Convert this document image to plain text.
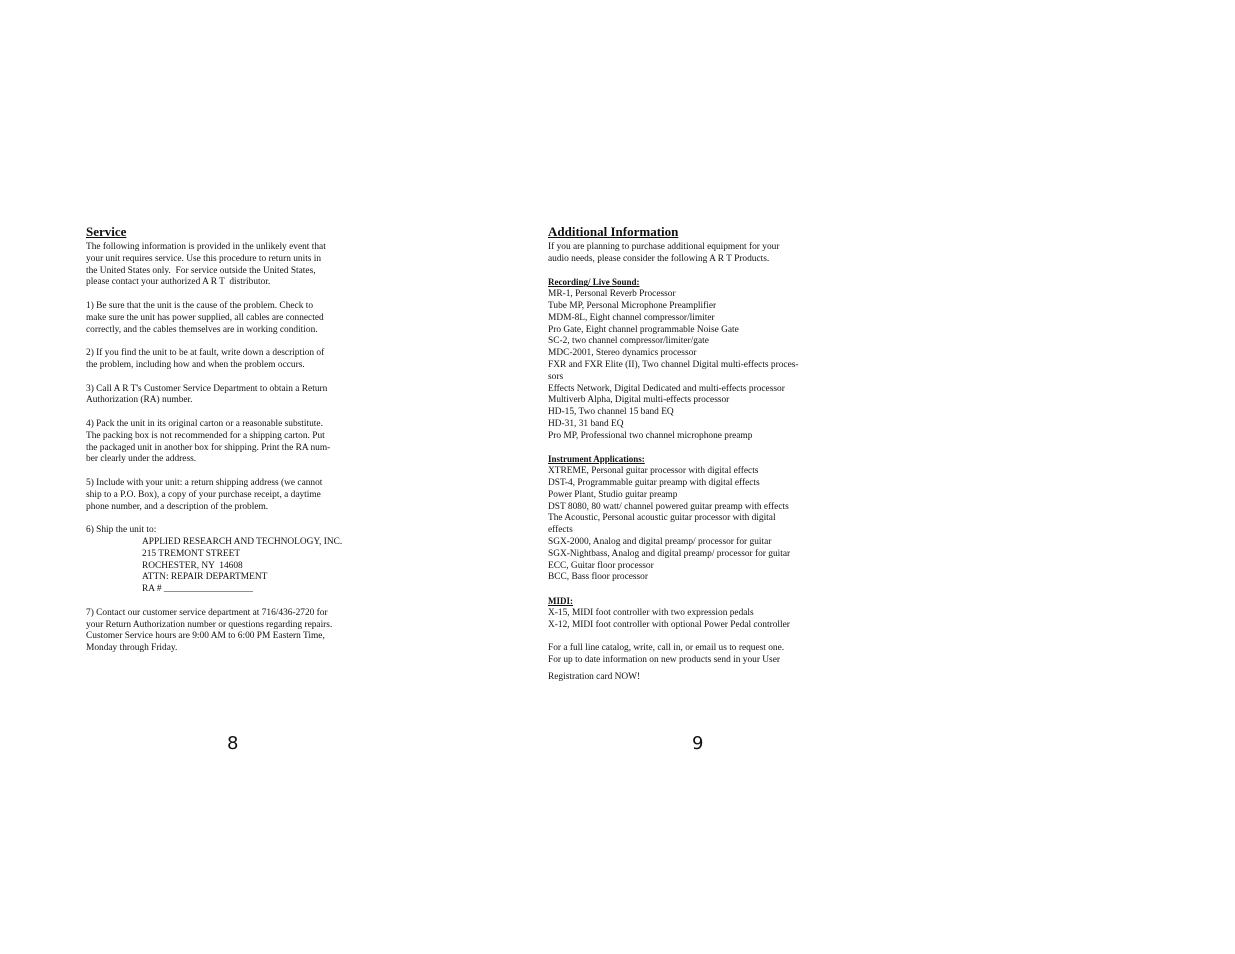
Service
The following information is provided in the unlikely event that
your unit requires service. Use this procedure to return units in
the United States only.  For service outside the United States,
please contact your authorized A R T  distributor.
1) Be sure that the unit is the cause of the problem. Check to
make sure the unit has power supplied, all cables are connected
correctly, and the cables themselves are in working condition.
2) If you find the unit to be at fault, write down a description of
the problem, including how and when the problem occurs.
3) Call A R T's Customer Service Department to obtain a Return
Authorization (RA) number.
4) Pack the unit in its original carton or a reasonable substitute.
The packing box is not recommended for a shipping carton. Put
the packaged unit in another box for shipping. Print the RA num-
ber clearly under the address.
5) Include with your unit: a return shipping address (we cannot
ship to a P.O. Box), a copy of your purchase receipt, a daytime
phone number, and a description of the problem.
6) Ship the unit to:
APPLIED RESEARCH AND TECHNOLOGY, INC.
215 TREMONT STREET
ROCHESTER, NY  14608
ATTN: REPAIR DEPARTMENT
RA # ___________________
7) Contact our customer service department at 716/436-2720 for
your Return Authorization number or questions regarding repairs.
Customer Service hours are 9:00 AM to 6:00 PM Eastern Time,
Monday through Friday.
8
Additional Information
If you are planning to purchase additional equipment for your
audio needs, please consider the following A R T Products.
Recording/ Live Sound:
MR-1, Personal Reverb Processor
Tube MP, Personal Microphone Preamplifier
MDM-8L, Eight channel compressor/limiter
Pro Gate, Eight channel programmable Noise Gate
SC-2, two channel compressor/limiter/gate
MDC-2001, Stereo dynamics processor
FXR and FXR Elite (II), Two channel Digital multi-effects proces-
sors
Effects Network, Digital Dedicated and multi-effects processor
Multiverb Alpha, Digital multi-effects processor
HD-15, Two channel 15 band EQ
HD-31, 31 band EQ
Pro MP, Professional two channel microphone preamp
Instrument Applications:
XTREME, Personal guitar processor with digital effects
DST-4, Programmable guitar preamp with digital effects
Power Plant, Studio guitar preamp
DST 8080, 80 watt/ channel powered guitar preamp with effects
The Acoustic, Personal acoustic guitar processor with digital
effects
SGX-2000, Analog and digital preamp/ processor for guitar
SGX-Nightbass, Analog and digital preamp/ processor for guitar
ECC, Guitar floor processor
BCC, Bass floor processor
MIDI:
X-15, MIDI foot controller with two expression pedals
X-12, MIDI foot controller with optional Power Pedal controller
For a full line catalog, write, call in, or email us to request one.
For up to date information on new products send in your User
Registration card NOW!
9
